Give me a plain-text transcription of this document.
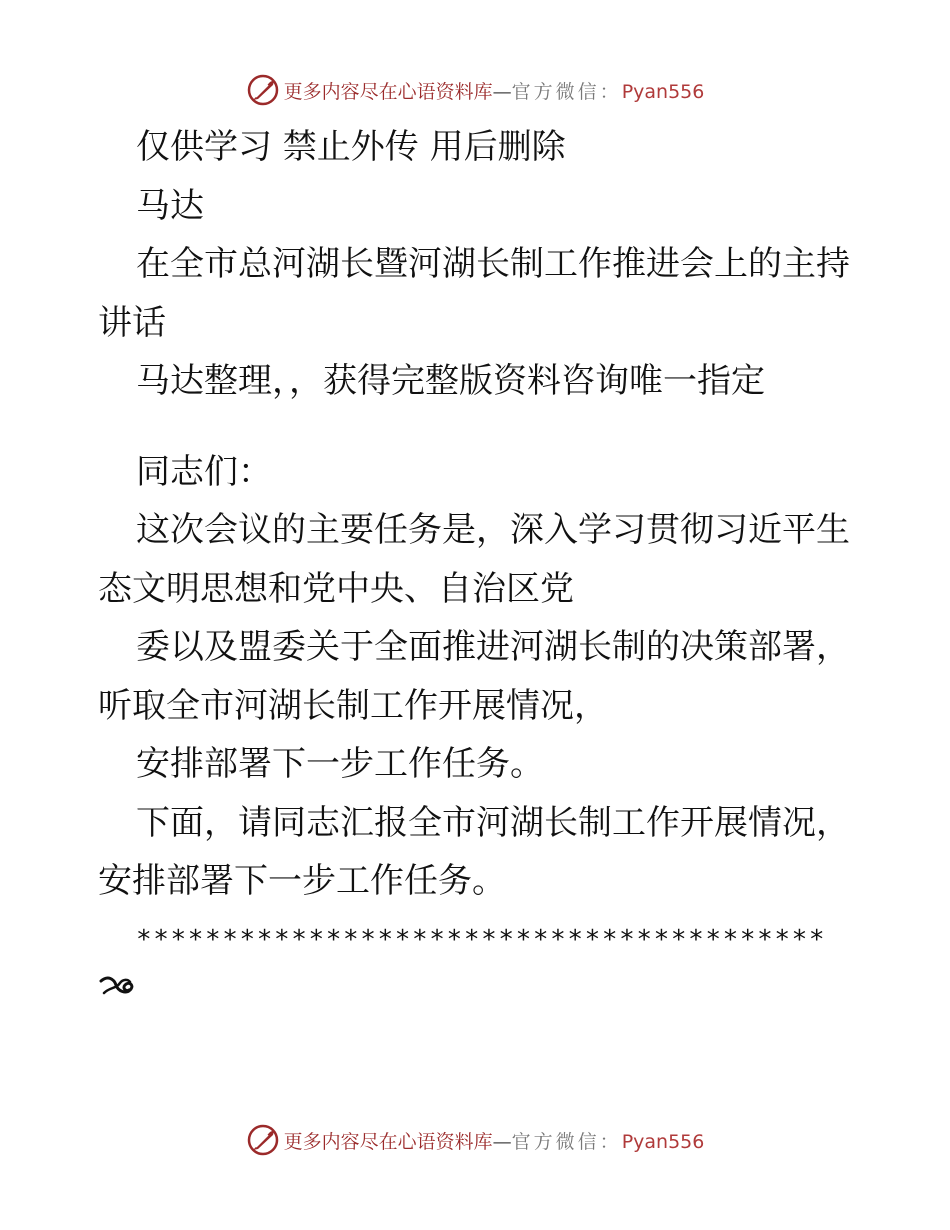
更多内容尽在心语资料库—官方微信：Pyan556

仅供学习 禁止外传 用后删除

马达

在全市总河湖长暨河湖长制工作推进会上的主持讲话

马达整理，，获得完整版资料咨询唯一指定

同志们：

这次会议的主要任务是，深入学习贯彻习近平生态文明思想和党中央、自治区党

委以及盟委关于全面推进河湖长制的决策部署，听取全市河湖长制工作开展情况，

安排部署下一步工作任务。

下面，请同志汇报全市河湖长制工作开展情况，安排部署下一步工作任务。

****************************************

更多内容尽在心语资料库—官方微信：Pyan556
